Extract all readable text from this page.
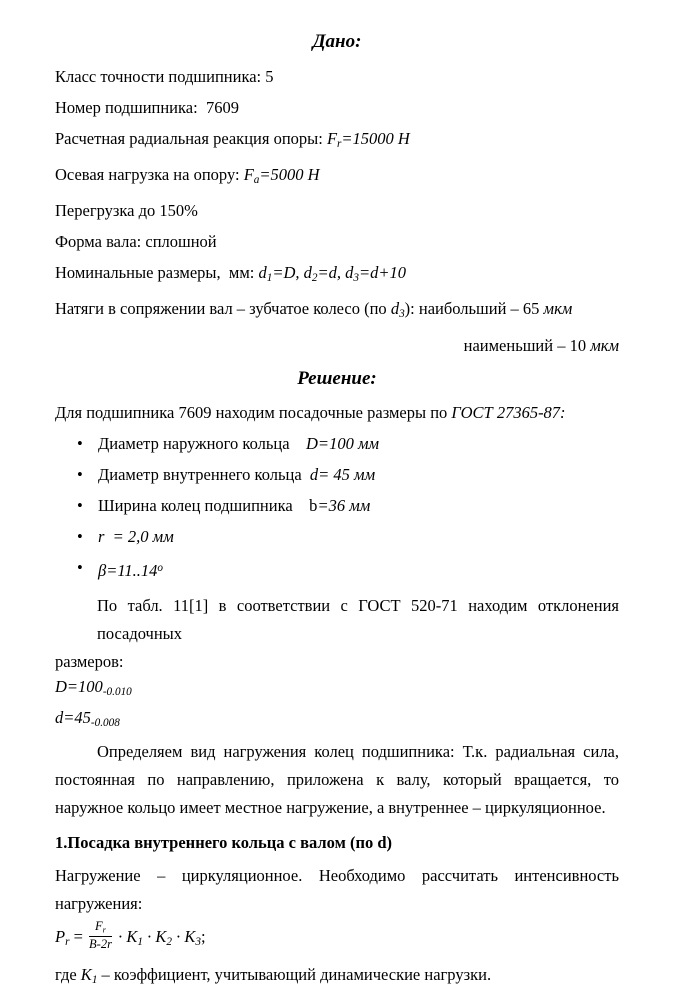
Дано:
Класс точности подшипника: 5
Номер подшипника:  7609
Расчетная радиальная реакция опоры: Fr=15000 Н
Осевая нагрузка на опору: Fa=5000 Н
Перегрузка до 150%
Форма вала: сплошной
Номинальные размеры,  мм: d1=D, d2=d, d3=d+10
Натяги в сопряжении вал – зубчатое колесо (по d3): наибольший – 65 мкм
наименьший – 10 мкм
Решение:
Для подшипника 7609 находим посадочные размеры по ГОСТ 27365-87:
• Диаметр наружного кольца    D=100 мм
• Диаметр внутреннего кольца  d= 45 мм
• Ширина колец подшипника    b=36 мм
• r  = 2,0 мм
• $\beta=11..14^o$
По табл. 11[1] в соответствии с ГОСТ 520-71 находим отклонения
посадочных
размеров:
D=100-0.010
d=45-0.008
Определяем вид нагружения колец подшипника: Т.к. радиальная сила, постоянная по направлению, приложена к валу, который вращается, то наружное кольцо имеет местное нагружение, а внутреннее – циркуляционное.
1.Посадка внутреннего кольца с валом (по d)
Нагружение – циркуляционное. Необходимо рассчитать интенсивность нагружения:
$Pr = \frac{Fr}{B-2r} \cdot K1 \cdot K2 \cdot K3$;
где K1 – коэффициент, учитывающий динамические нагрузки.
